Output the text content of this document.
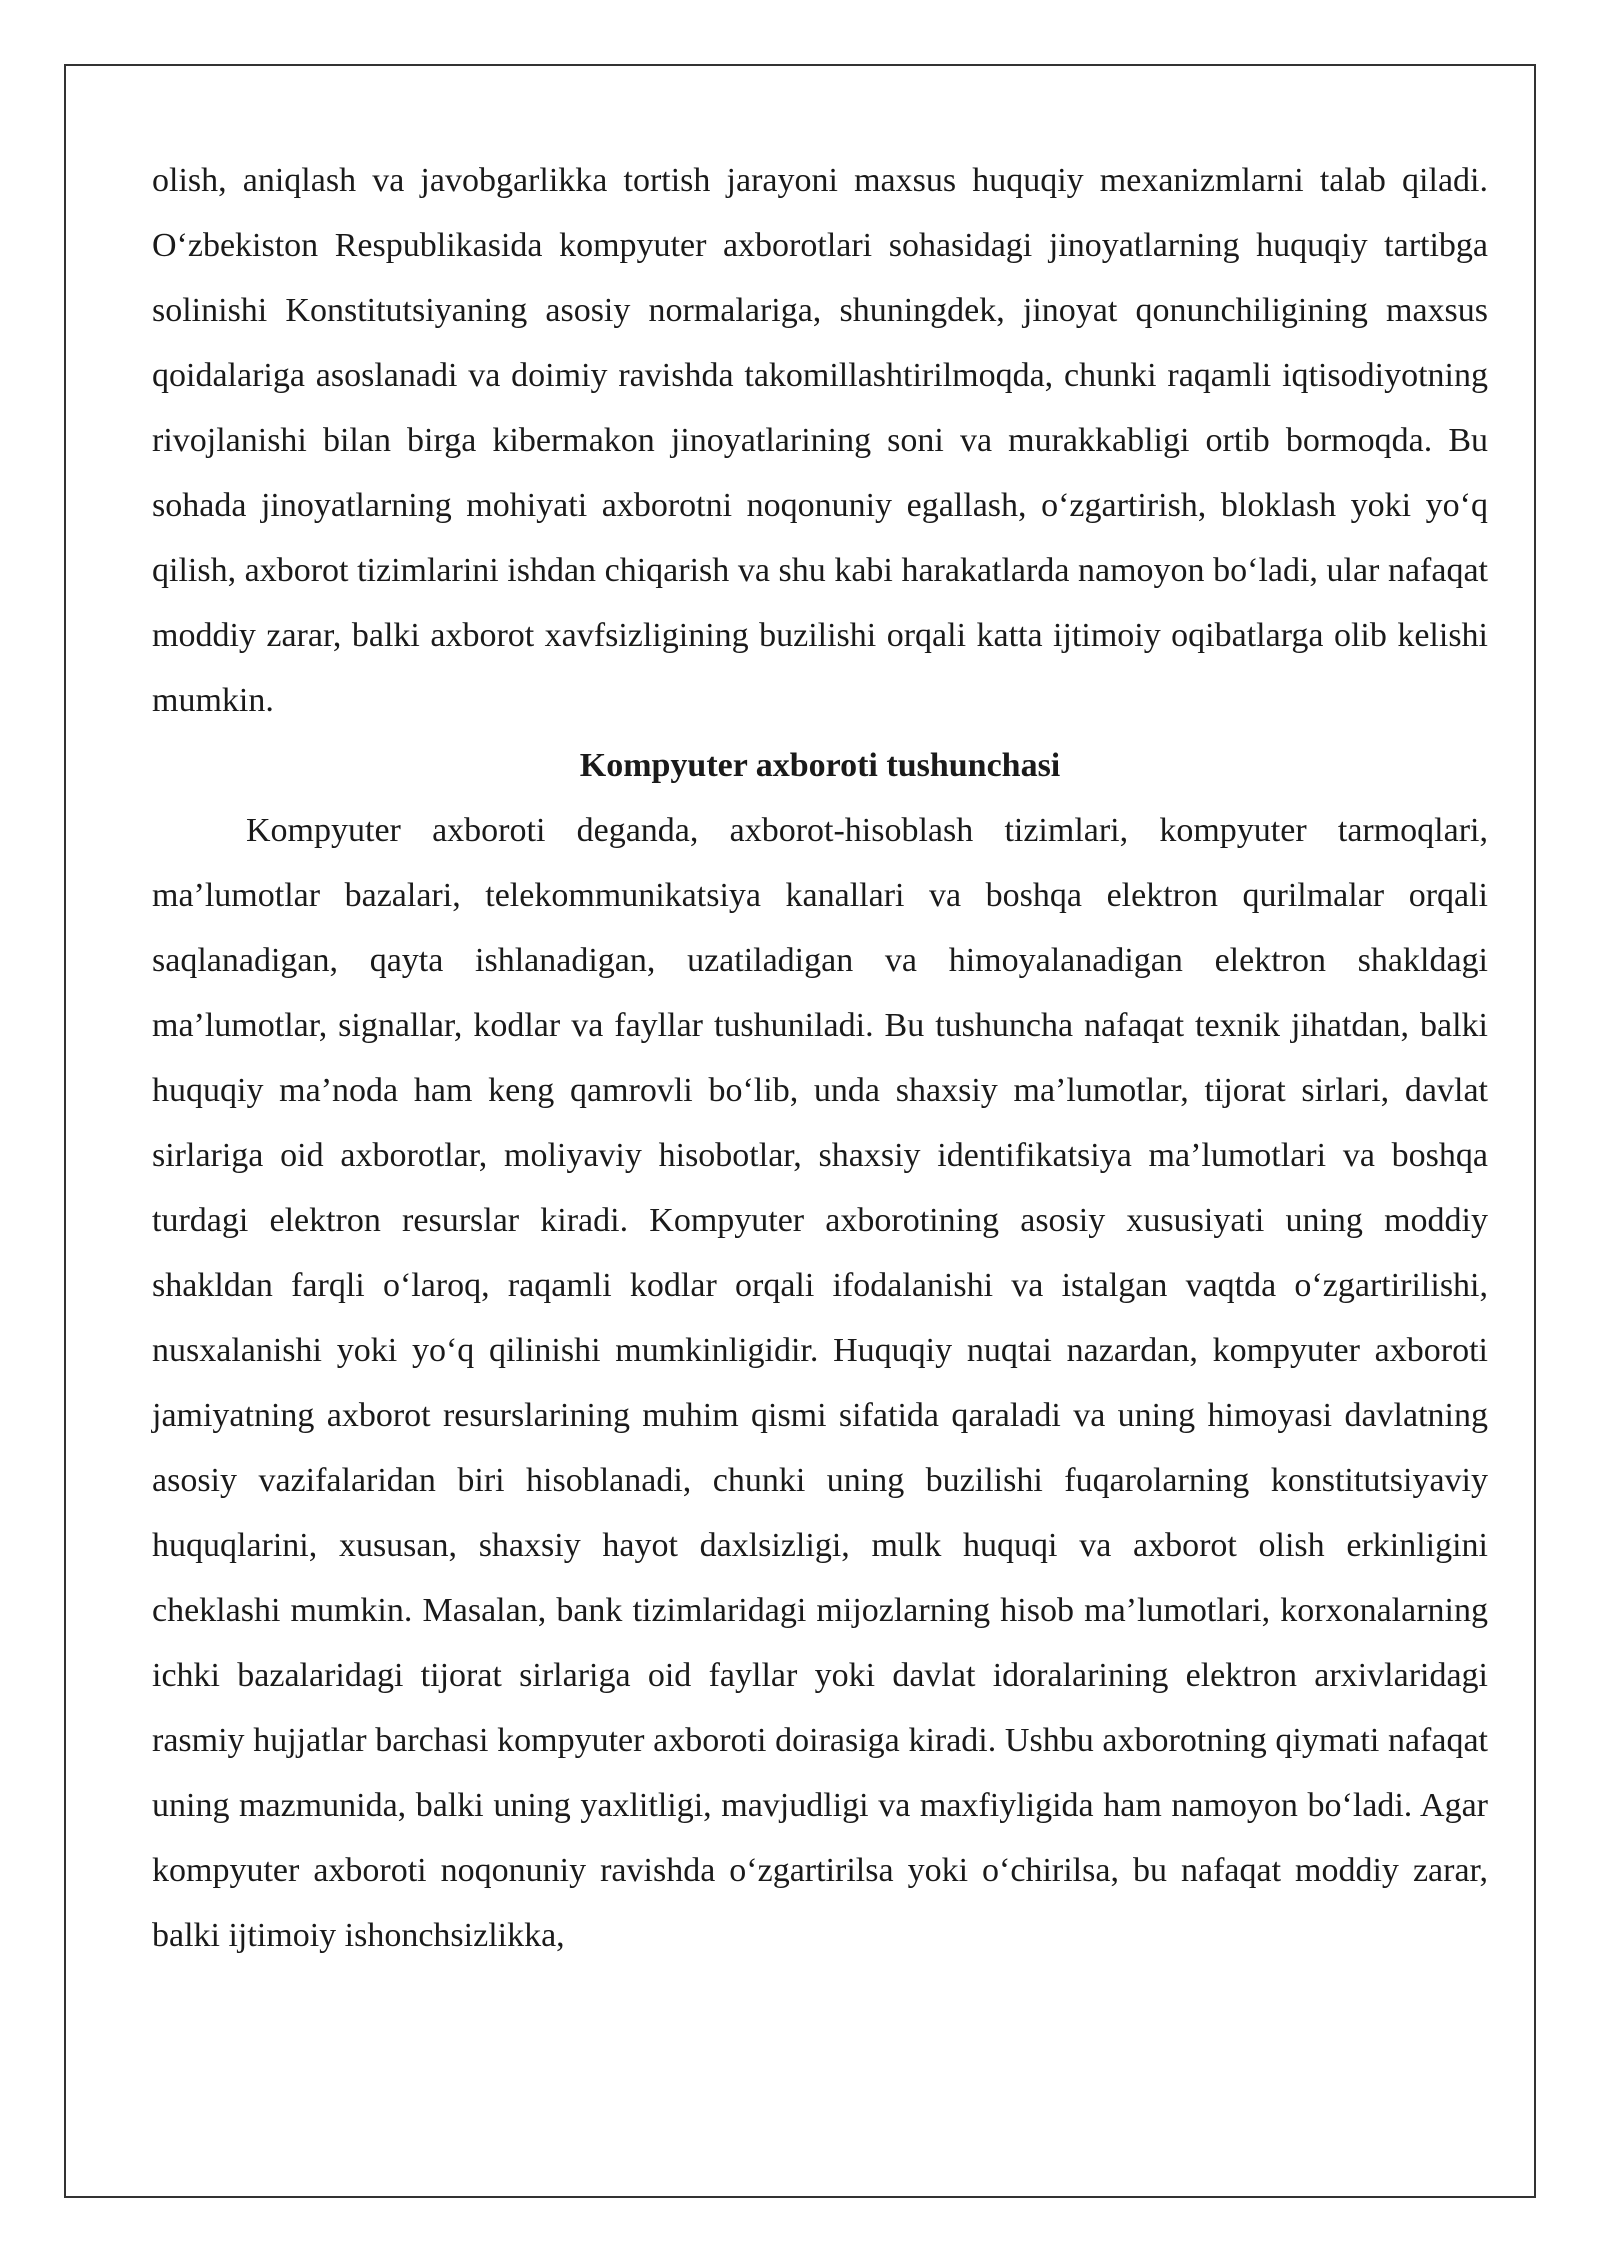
olish, aniqlash va javobgarlikka tortish jarayoni maxsus huquqiy mexanizmlarni talab qiladi. O‘zbekiston Respublikasida kompyuter axborotlari sohasidagi jinoyatlarning huquqiy tartibga solinishi Konstitutsiyaning asosiy normalariga, shuningdek, jinoyat qonunchiligining maxsus qoidalariga asoslanadi va doimiy ravishda takomillashtirilmoqda, chunki raqamli iqtisodiyotning rivojlanishi bilan birga kibermakon jinoyatlarining soni va murakkabligi ortib bormoqda. Bu sohada jinoyatlarning mohiyati axborotni noqonuniy egallash, o‘zgartirish, bloklash yoki yo‘q qilish, axborot tizimlarini ishdan chiqarish va shu kabi harakatlarda namoyon bo‘ladi, ular nafaqat moddiy zarar, balki axborot xavfsizligining buzilishi orqali katta ijtimoiy oqibatlarga olib kelishi mumkin.

Kompyuter axboroti tushunchasi

Kompyuter axboroti deganda, axborot-hisoblash tizimlari, kompyuter tarmoqlari, ma’lumotlar bazalari, telekommunikatsiya kanallari va boshqa elektron qurilmalar orqali saqlanadigan, qayta ishlanadigan, uzatiladigan va himoyalanadigan elektron shakldagi ma’lumotlar, signallar, kodlar va fayllar tushuniladi. Bu tushuncha nafaqat texnik jihatdan, balki huquqiy ma’noda ham keng qamrovli bo‘lib, unda shaxsiy ma’lumotlar, tijorat sirlari, davlat sirlariga oid axborotlar, moliyaviy hisobotlar, shaxsiy identifikatsiya ma’lumotlari va boshqa turdagi elektron resurslar kiradi. Kompyuter axborotining asosiy xususiyati uning moddiy shakldan farqli o‘laroq, raqamli kodlar orqali ifodalanishi va istalgan vaqtda o‘zgartirilishi, nusxalanishi yoki yo‘q qilinishi mumkinligidir. Huquqiy nuqtai nazardan, kompyuter axboroti jamiyatning axborot resurslarining muhim qismi sifatida qaraladi va uning himoyasi davlatning asosiy vazifalaridan biri hisoblanadi, chunki uning buzilishi fuqarolarning konstitutsiyaviy huquqlarini, xususan, shaxsiy hayot daxlsizligi, mulk huquqi va axborot olish erkinligini cheklashi mumkin. Masalan, bank tizimlaridagi mijozlarning hisob ma’lumotlari, korxonalarning ichki bazalaridagi tijorat sirlariga oid fayllar yoki davlat idoralarining elektron arxivlaridagi rasmiy hujjatlar barchasi kompyuter axboroti doirasiga kiradi. Ushbu axborotning qiymati nafaqat uning mazmunida, balki uning yaxlitligi, mavjudligi va maxfiyligida ham namoyon bo‘ladi. Agar kompyuter axboroti noqonuniy ravishda o‘zgartirilsa yoki o‘chirilsa, bu nafaqat moddiy zarar, balki ijtimoiy ishonchsizlikka,
